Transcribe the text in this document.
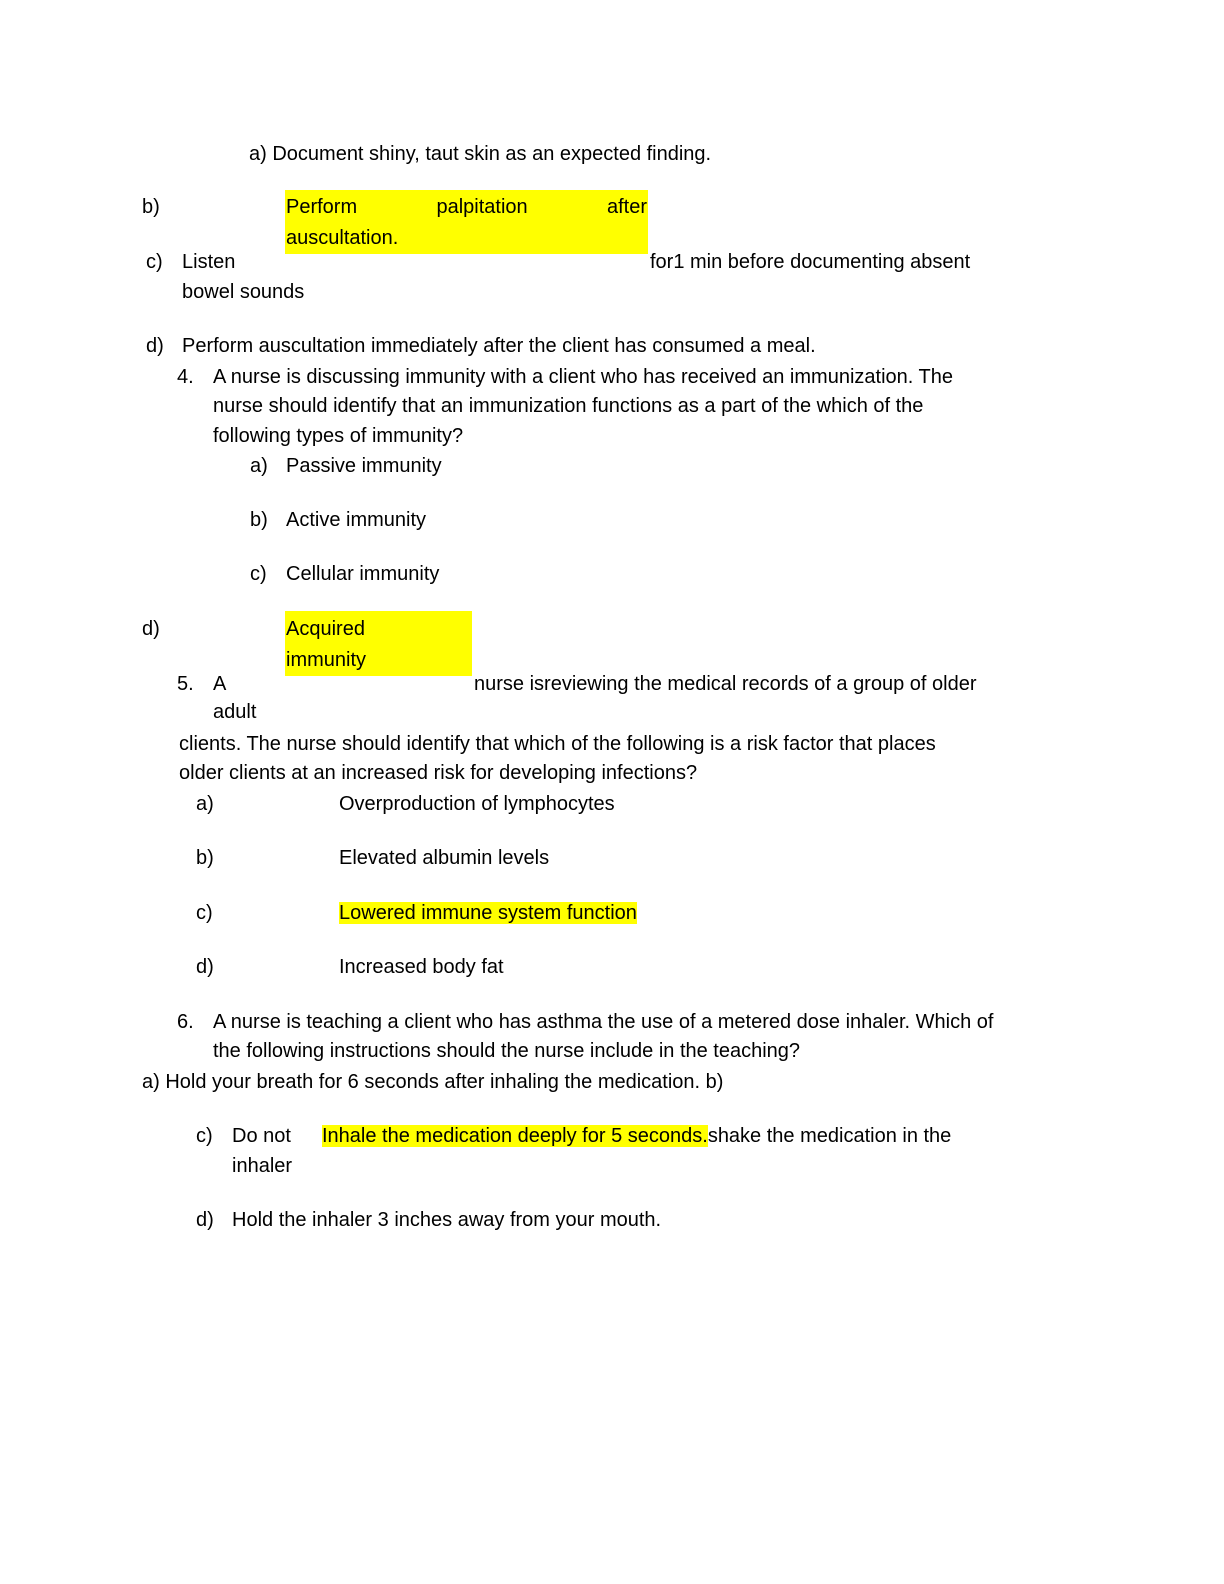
a) Document shiny, taut skin as an expected finding.
b)	Perform	palpitation	after
auscultation.
c) Listen	for1 min before documenting absent
bowel sounds
d) Perform auscultation immediately after the client has consumed a meal.
4. A nurse is discussing immunity with a client who has received an immunization. The
nurse should identify that an immunization functions as a part of the which of the
following types of immunity?
a) Passive immunity
b) Active immunity
c) Cellular immunity
d)	Acquired
immunity
5. A	nurse isreviewing the medical records of a group of older
adult
clients. The nurse should identify that which of the following is a risk factor that places
older clients at an increased risk for developing infections?
a)	Overproduction of lymphocytes
b)	Elevated albumin levels
c)	Lowered immune system function
d)	Increased body fat
6. A nurse is teaching a client who has asthma the use of a metered dose inhaler. Which of
the following instructions should the nurse include in the teaching?
a) Hold your breath for 6 seconds after inhaling the medication. b)
c) Do not Inhale the medication deeply for 5 seconds.shake the medication in the
inhaler
d) Hold the inhaler 3 inches away from your mouth.
